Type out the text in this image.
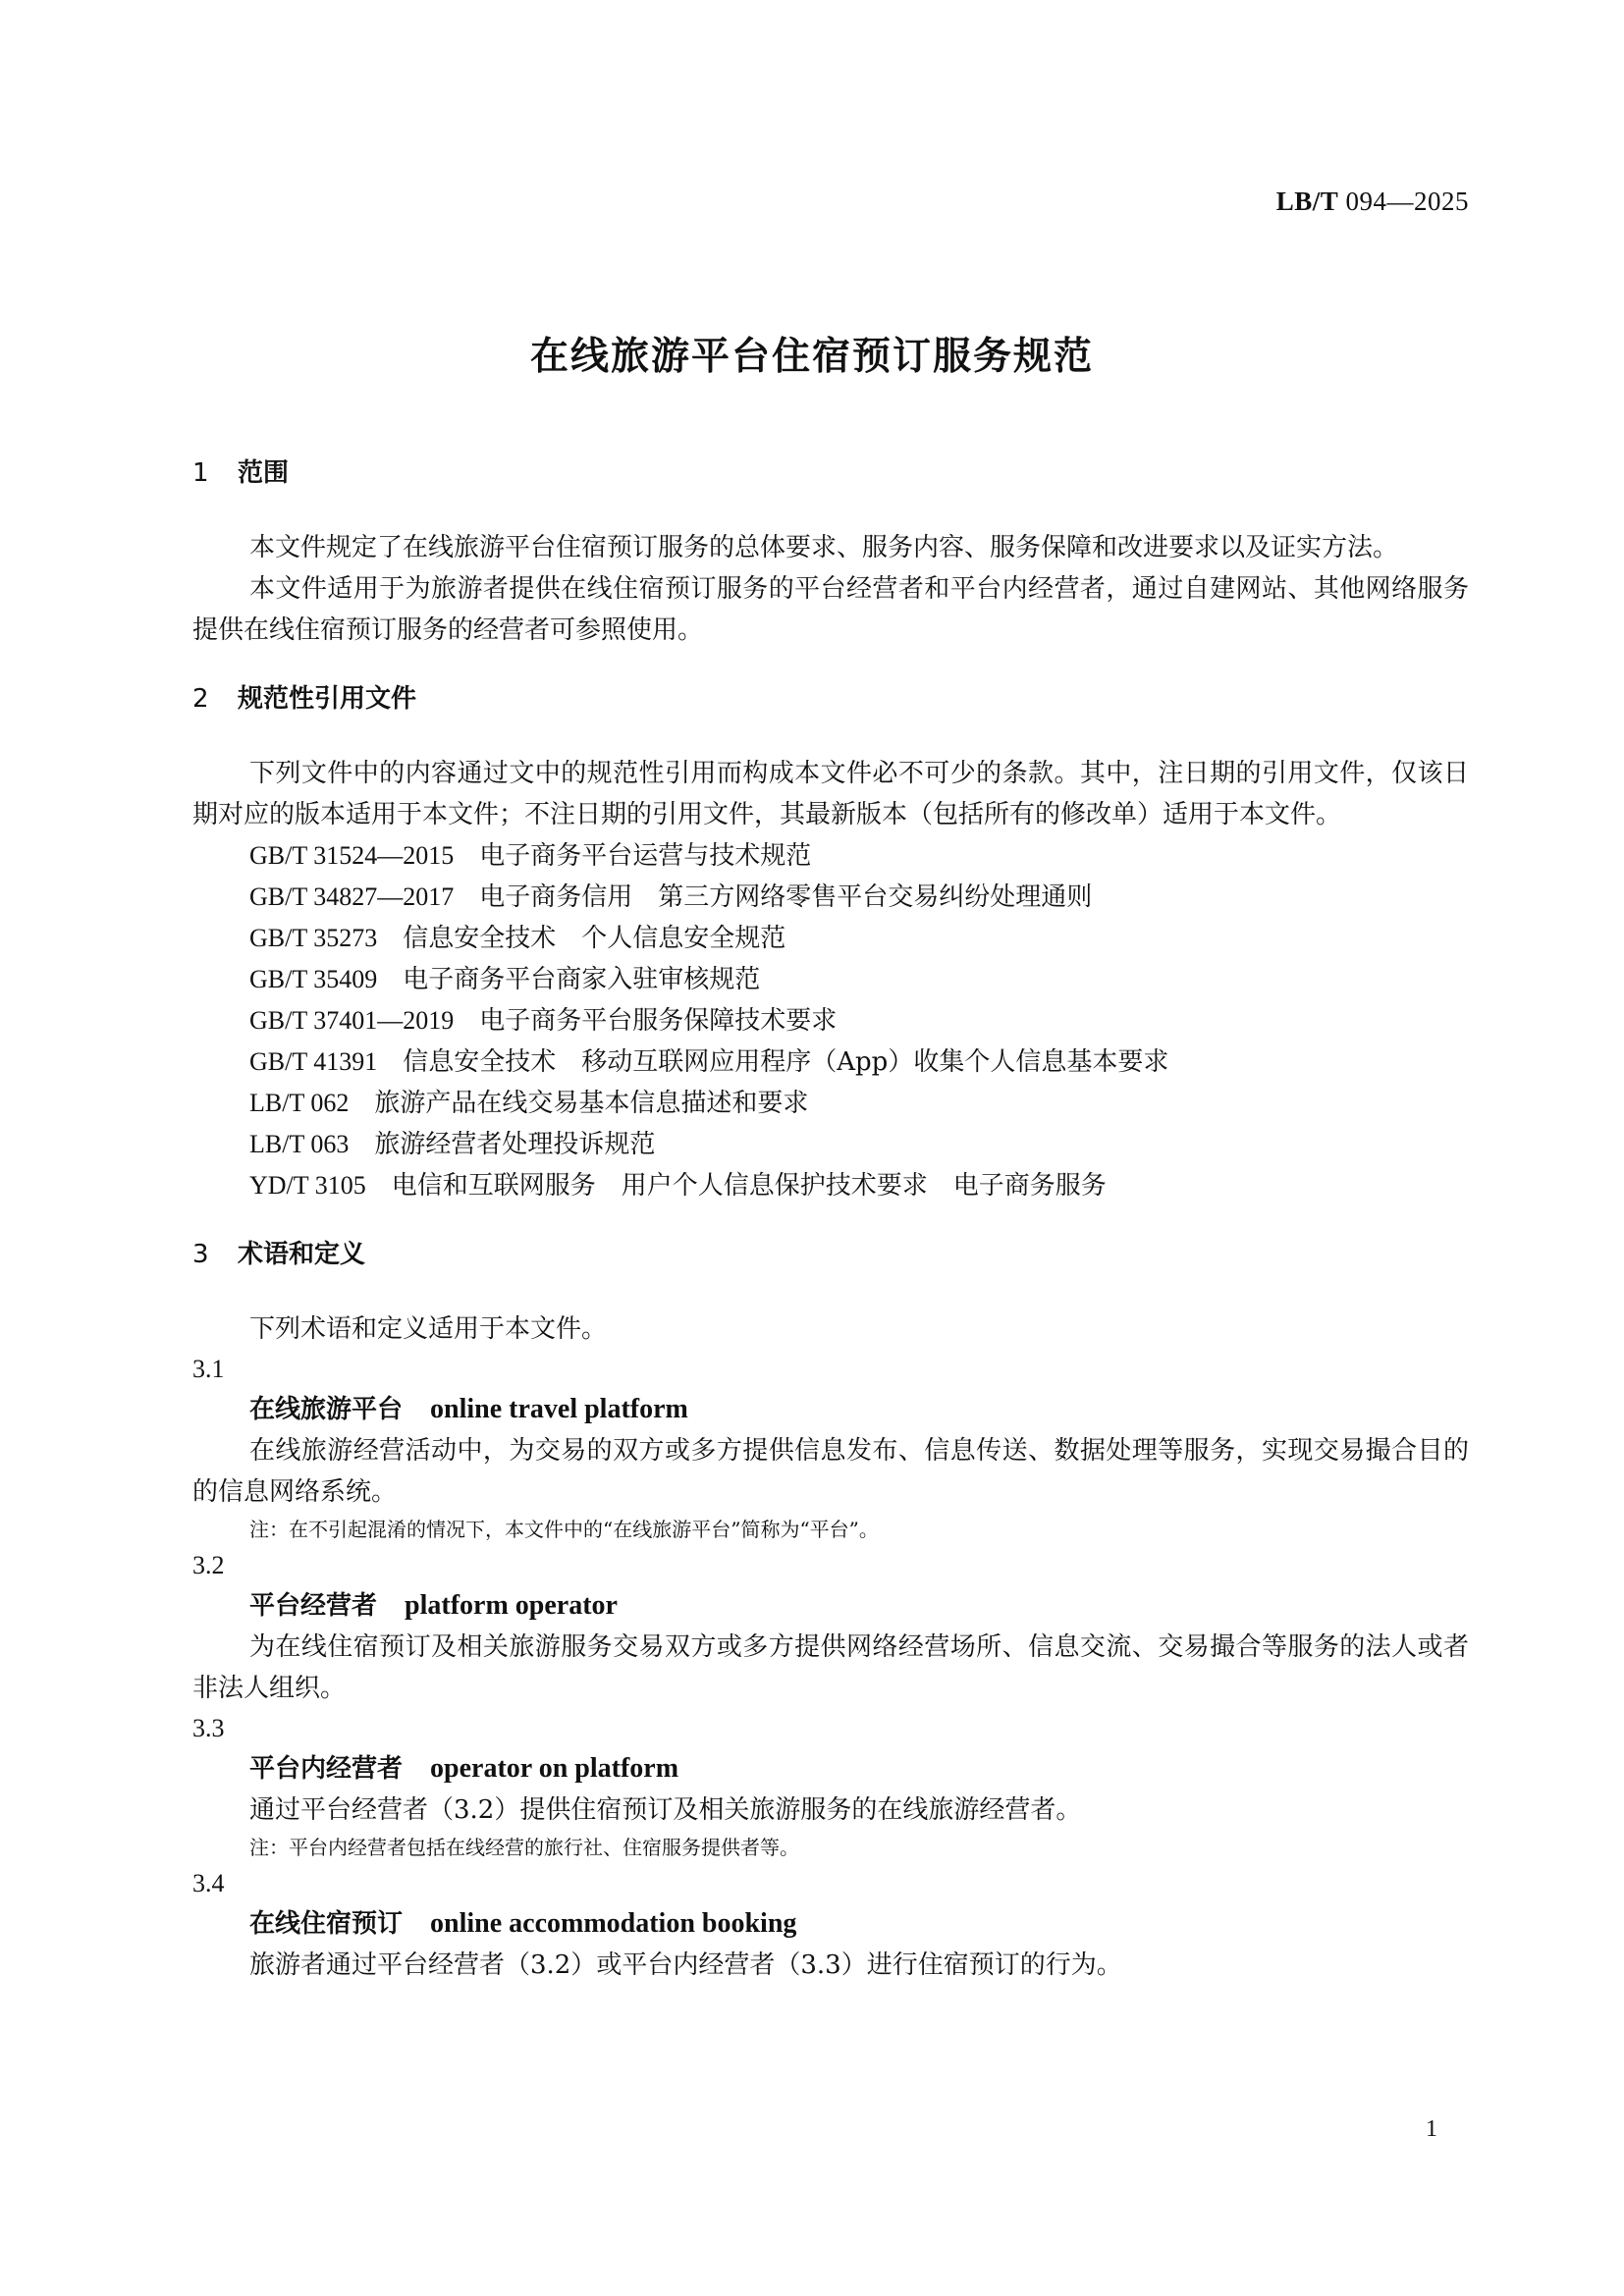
LB/T 094—2025
在线旅游平台住宿预订服务规范
1	范围
本文件规定了在线旅游平台住宿预订服务的总体要求、服务内容、服务保障和改进要求以及证实方法。
本文件适用于为旅游者提供在线住宿预订服务的平台经营者和平台内经营者，通过自建网站、其他网络服务提供在线住宿预订服务的经营者可参照使用。
2	规范性引用文件
下列文件中的内容通过文中的规范性引用而构成本文件必不可少的条款。其中，注日期的引用文件，仅该日期对应的版本适用于本文件；不注日期的引用文件，其最新版本（包括所有的修改单）适用于本文件。
GB/T 31524—2015 电子商务平台运营与技术规范
GB/T 34827—2017 电子商务信用　第三方网络零售平台交易纠纷处理通则
GB/T 35273 信息安全技术　个人信息安全规范
GB/T 35409 电子商务平台商家入驻审核规范
GB/T 37401—2019 电子商务平台服务保障技术要求
GB/T 41391 信息安全技术　移动互联网应用程序（App）收集个人信息基本要求
LB/T 062 旅游产品在线交易基本信息描述和要求
LB/T 063 旅游经营者处理投诉规范
YD/T 3105 电信和互联网服务　用户个人信息保护技术要求　电子商务服务
3	术语和定义
下列术语和定义适用于本文件。
3.1
在线旅游平台 online travel platform
在线旅游经营活动中，为交易的双方或多方提供信息发布、信息传送、数据处理等服务，实现交易撮合目的的信息网络系统。
注：在不引起混淆的情况下，本文件中的“在线旅游平台”简称为“平台”。
3.2
平台经营者 platform operator
为在线住宿预订及相关旅游服务交易双方或多方提供网络经营场所、信息交流、交易撮合等服务的法人或者非法人组织。
3.3
平台内经营者 operator on platform
通过平台经营者（3.2）提供住宿预订及相关旅游服务的在线旅游经营者。
注：平台内经营者包括在线经营的旅行社、住宿服务提供者等。
3.4
在线住宿预订 online accommodation booking
旅游者通过平台经营者（3.2）或平台内经营者（3.3）进行住宿预订的行为。
1
